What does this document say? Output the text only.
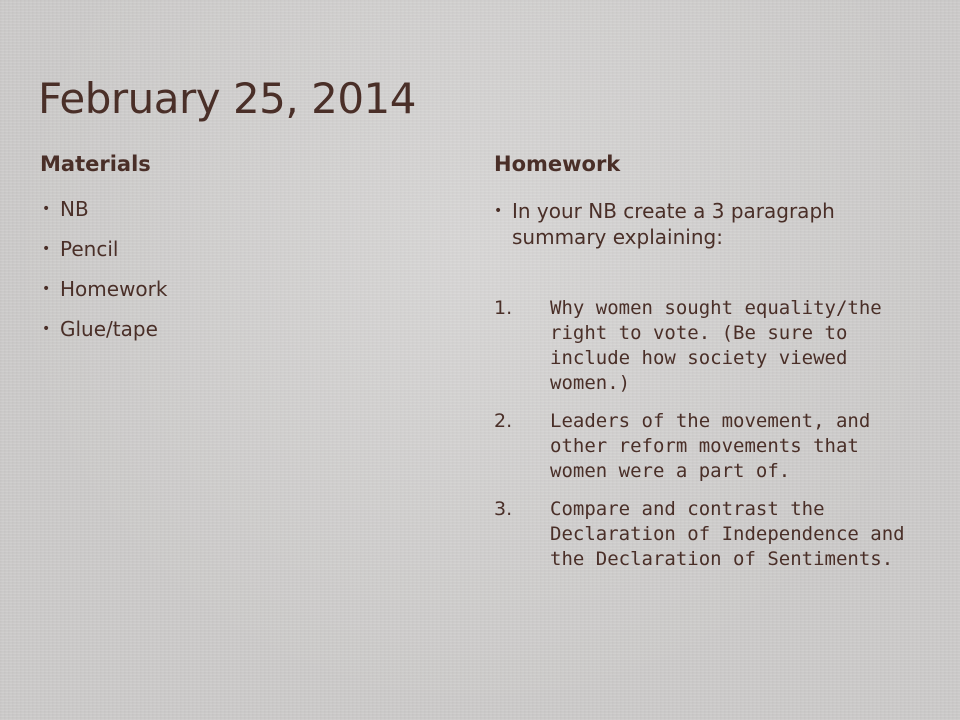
February 25, 2014
Materials	Homework
• NB
• Pencil
• Homework
• Glue/tape
• In your NB create a 3 paragraph summary explaining:
1. Why women sought equality/the right to vote. (Be sure to include how society viewed women.)
2. Leaders of the movement, and other reform movements that women were a part of.
3. Compare and contrast the Declaration of Independence and the Declaration of Sentiments.
